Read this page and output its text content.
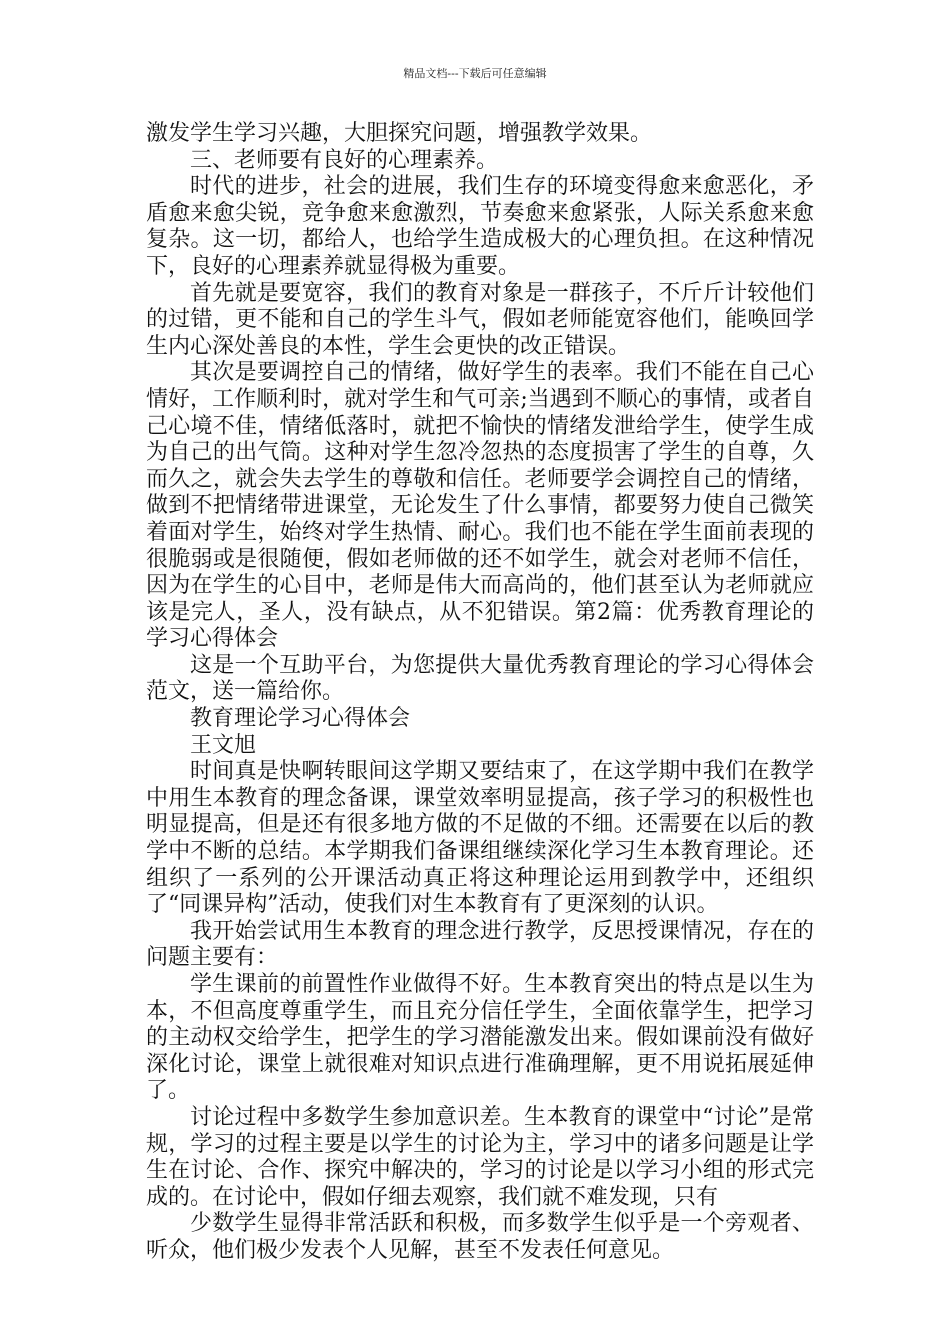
精品文档---下载后可任意编辑

激发学生学习兴趣，大胆探究问题，增强教学效果。

三、老师要有良好的心理素养。

时代的进步，社会的进展，我们生存的环境变得愈来愈恶化，矛盾愈来愈尖锐，竞争愈来愈激烈，节奏愈来愈紧张，人际关系愈来愈复杂。这一切，都给人，也给学生造成极大的心理负担。在这种情况下，良好的心理素养就显得极为重要。

首先就是要宽容，我们的教育对象是一群孩子，不斤斤计较他们的过错，更不能和自己的学生斗气，假如老师能宽容他们，能唤回学生内心深处善良的本性，学生会更快的改正错误。

其次是要调控自己的情绪，做好学生的表率。我们不能在自己心情好，工作顺利时，就对学生和气可亲;当遇到不顺心的事情，或者自己心境不佳，情绪低落时，就把不愉快的情绪发泄给学生，使学生成为自己的出气筒。这种对学生忽冷忽热的态度损害了学生的自尊，久而久之，就会失去学生的尊敬和信任。老师要学会调控自己的情绪，做到不把情绪带进课堂，无论发生了什么事情，都要努力使自己微笑着面对学生，始终对学生热情、耐心。我们也不能在学生面前表现的很脆弱或是很随便，假如老师做的还不如学生，就会对老师不信任，因为在学生的心目中，老师是伟大而高尚的，他们甚至认为老师就应该是完人，圣人，没有缺点，从不犯错误。第2篇：优秀教育理论的学习心得体会

这是一个互助平台，为您提供大量优秀教育理论的学习心得体会范文，送一篇给你。

教育理论学习心得体会

王文旭

时间真是快啊转眼间这学期又要结束了，在这学期中我们在教学中用生本教育的理念备课，课堂效率明显提高，孩子学习的积极性也明显提高，但是还有很多地方做的不足做的不细。还需要在以后的教学中不断的总结。本学期我们备课组继续深化学习生本教育理论。还组织了一系列的公开课活动真正将这种理论运用到教学中，还组织了“同课异构”活动，使我们对生本教育有了更深刻的认识。

我开始尝试用生本教育的理念进行教学，反思授课情况，存在的问题主要有：

学生课前的前置性作业做得不好。生本教育突出的特点是以生为本，不但高度尊重学生，而且充分信任学生，全面依靠学生，把学习的主动权交给学生，把学生的学习潜能激发出来。假如课前没有做好深化讨论，课堂上就很难对知识点进行准确理解，更不用说拓展延伸了。

讨论过程中多数学生参加意识差。生本教育的课堂中“讨论”是常规，学习的过程主要是以学生的讨论为主，学习中的诸多问题是让学生在讨论、合作、探究中解决的，学习的讨论是以学习小组的形式完成的。在讨论中，假如仔细去观察，我们就不难发现，只有

少数学生显得非常活跃和积极，而多数学生似乎是一个旁观者、听众，他们极少发表个人见解，甚至不发表任何意见。
